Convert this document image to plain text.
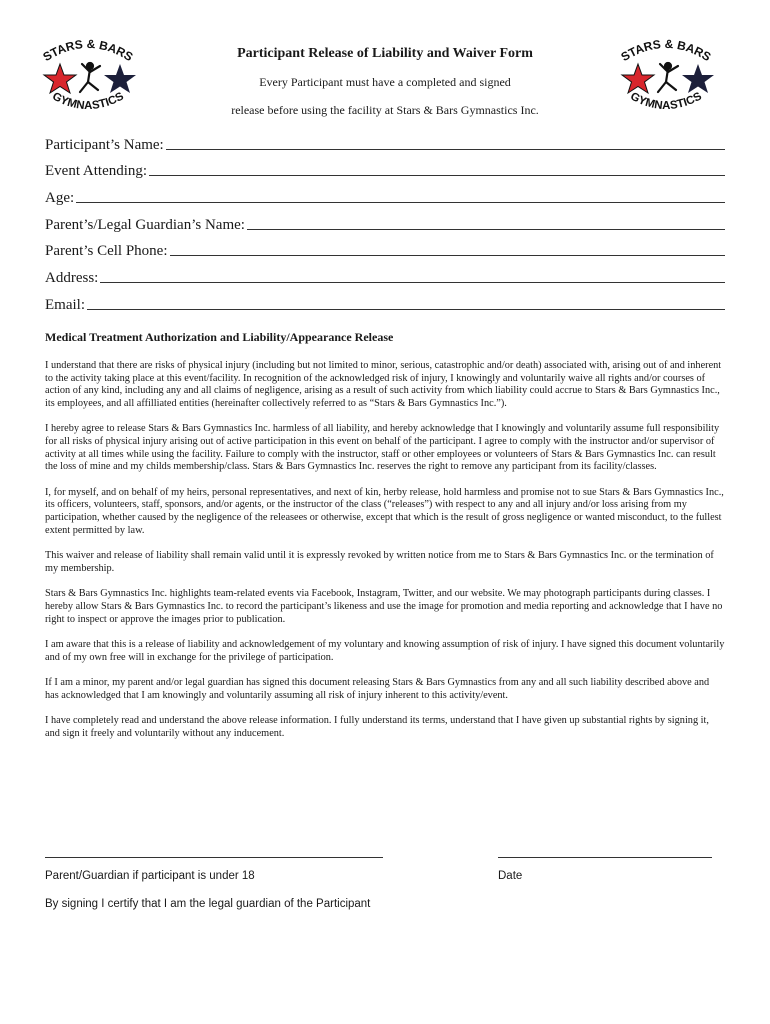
STARS & BARS
GYMNASTICS
STARS & BARS
GYMNASTICS
Participant Release of Liability and Waiver Form
Every Participant must have a completed and signed
release before using the facility at Stars & Bars Gymnastics Inc.
Participant’s Name:
Event Attending:
Age:
Parent’s/Legal Guardian’s Name:
Parent’s Cell Phone:
Address:
Email:
Medical Treatment Authorization and Liability/Appearance Release

I understand that there are risks of physical injury (including but not limited to minor, serious, catastrophic and/or death) associated with, arising out of and inherent to the activity taking place at this event/facility. In recognition of the acknowledged risk of injury, I knowingly and voluntarily waive all rights and/or courses of action of any kind, including any and all claims of negligence, arising as a result of such activity from which liability could accrue to Stars & Bars Gymnastics Inc., its employees, and all affilliated entities (hereinafter collectively referred to as “Stars & Bars Gymnastics Inc.”).

I hereby agree to release Stars & Bars Gymnastics Inc. harmless of all liability, and hereby acknowledge that I knowingly and voluntarily assume full responsibility for all risks of physical injury arising out of active participation in this event on behalf of the participant. I agree to comply with the instructor and/or supervisor of activity at all times while using the facility. Failure to comply with the instructor, staff or other employees or volunteers of Stars & Bars Gymnastics Inc. can result the loss of mine and my childs membership/class. Stars & Bars Gymnastics Inc. reserves the right to remove any participant from its facility/classes.

I, for myself, and on behalf of my heirs, personal representatives, and next of kin, herby release, hold harmless and promise not to sue Stars & Bars Gymnastics Inc., its officers, volunteers, staff, sponsors, and/or agents, or the instructor of the class (“releases”) with respect to any and all injury and/or loss arising from my participation, whether caused by the negligence of the releasees or otherwise, except that which is the result of gross negligence or wanted misconduct, to the fullest extent permitted by law.

This waiver and release of liability shall remain valid until it is expressly revoked by written notice from me to Stars & Bars Gymnastics Inc. or the termination of my membership.

Stars & Bars Gymnastics Inc. highlights team-related events via Facebook, Instagram, Twitter, and our website. We may photograph participants during classes. I hereby allow Stars & Bars Gymnastics Inc. to record the participant’s likeness and use the image for promotion and media reporting and acknowledge that I have no right to inspect or approve the images prior to publication.

I am aware that this is a release of liability and acknowledgement of my voluntary and knowing assumption of risk of injury. I have signed this document voluntarily and of my own free will in exchange for the privilege of participation.

If I am a minor, my parent and/or legal guardian has signed this document releasing Stars & Bars Gymnastics from any and all such liability described above and has acknowledged that I am knowingly and voluntarily assuming all risk of injury inherent to this activity/event.

I have completely read and understand the above release information. I fully understand its terms, understand that I have given up substantial rights by signing it, and sign it freely and voluntarily without any inducement.

Parent/Guardian if participant is under 18	Date
By signing I certify that I am the legal guardian of the Participant
